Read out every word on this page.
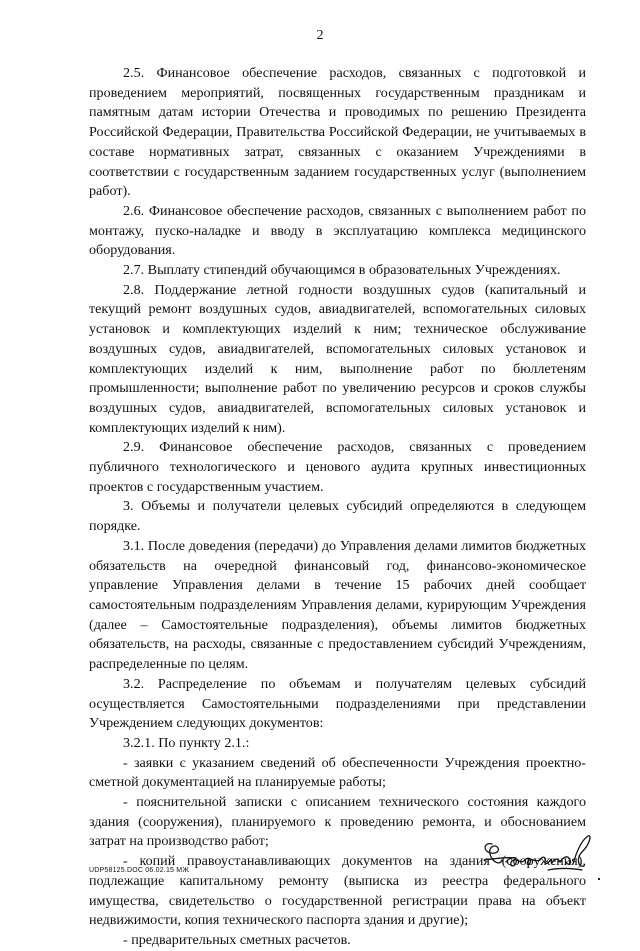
2

2.5. Финансовое обеспечение расходов, связанных с подготовкой и проведением мероприятий, посвященных государственным праздникам и памятным датам истории Отечества и проводимых по решению Президента Российской Федерации, Правительства Российской Федерации, не учитываемых в составе нормативных затрат, связанных с оказанием Учреждениями в соответствии с государственным заданием государственных услуг (выполнением работ).

2.6. Финансовое обеспечение расходов, связанных с выполнением работ по монтажу, пуско-наладке и вводу в эксплуатацию комплекса медицинского оборудования.

2.7. Выплату стипендий обучающимся в образовательных Учреждениях.

2.8. Поддержание летной годности воздушных судов (капитальный и текущий ремонт воздушных судов, авиадвигателей, вспомогательных силовых установок и комплектующих изделий к ним; техническое обслуживание воздушных судов, авиадвигателей, вспомогательных силовых установок и комплектующих изделий к ним, выполнение работ по бюллетеням промышленности; выполнение работ по увеличению ресурсов и сроков службы воздушных судов, авиадвигателей, вспомогательных силовых установок и комплектующих изделий к ним).

2.9. Финансовое обеспечение расходов, связанных с проведением публичного технологического и ценового аудита крупных инвестиционных проектов с государственным участием.

3. Объемы и получатели целевых субсидий определяются в следующем порядке.

3.1. После доведения (передачи) до Управления делами лимитов бюджетных обязательств на очередной финансовый год, финансово-экономическое управление Управления делами в течение 15 рабочих дней сообщает самостоятельным подразделениям Управления делами, курирующим Учреждения (далее – Самостоятельные подразделения), объемы лимитов бюджетных обязательств, на расходы, связанные с предоставлением субсидий Учреждениям, распределенные по целям.

3.2. Распределение по объемам и получателям целевых субсидий осуществляется Самостоятельными подразделениями при представлении Учреждением следующих документов:

3.2.1. По пункту 2.1.:

- заявки с указанием сведений об обеспеченности Учреждения проектно-сметной документацией на планируемые работы;

- пояснительной записки с описанием технического состояния каждого здания (сооружения), планируемого к проведению ремонта, и обоснованием затрат на производство работ;

- копий правоустанавливающих документов на здания (сооружения), подлежащие капитальному ремонту (выписка из реестра федерального имущества, свидетельство о государственной регистрации права на объект недвижимости, копия технического паспорта здания и другие);

- предварительных сметных расчетов.

UDP58125.DOC 06.02.15 МЖ
